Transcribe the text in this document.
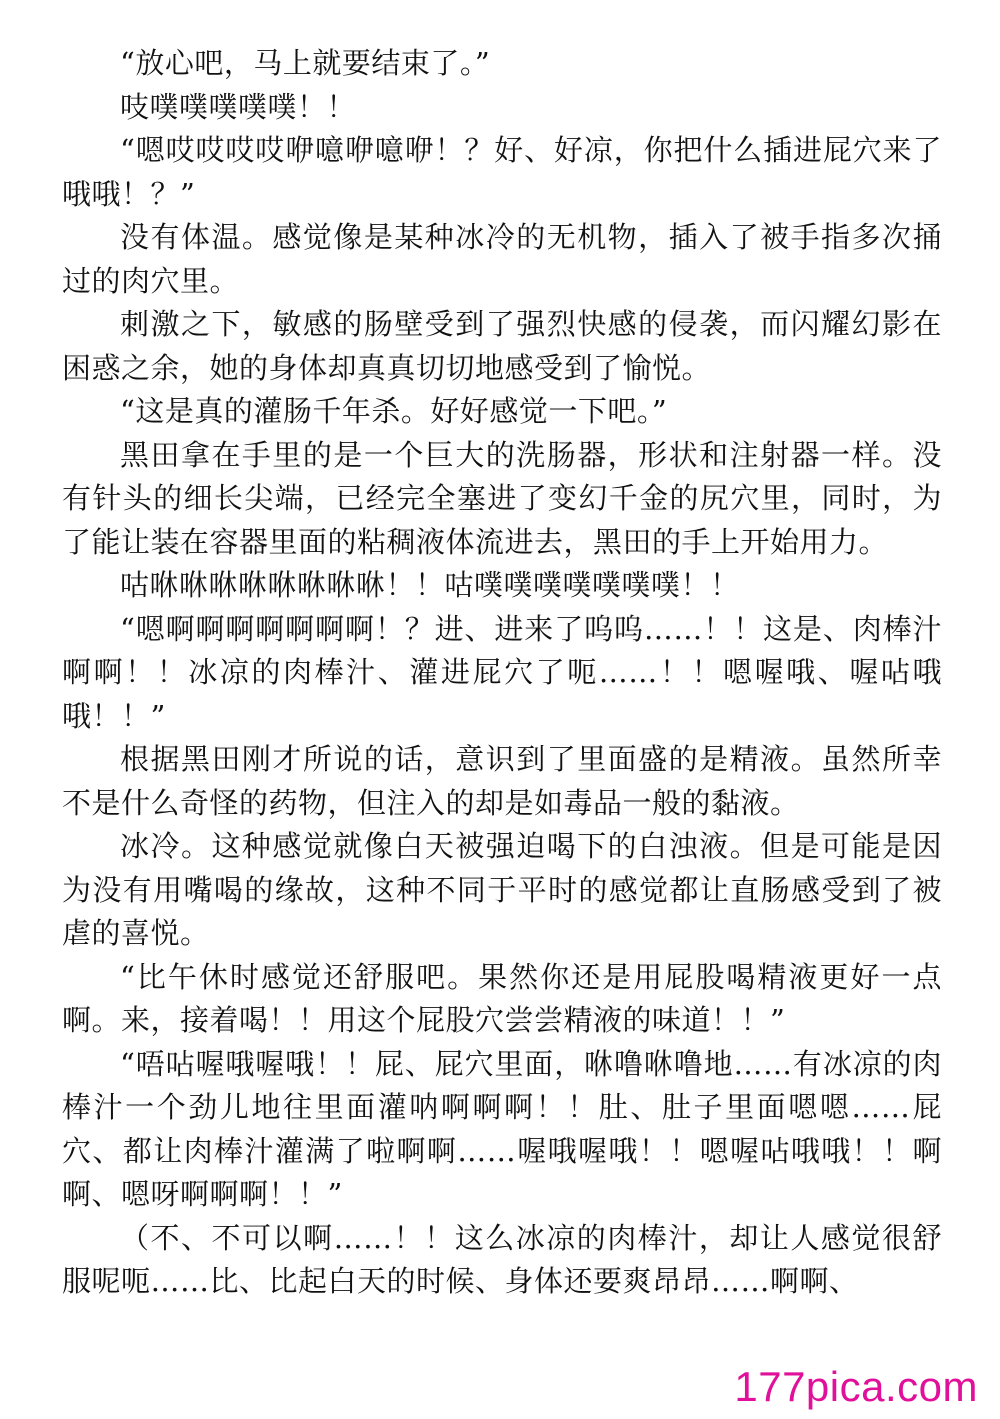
“放心吧，马上就要结束了。”

吱噗噗噗噗噗！！

“嗯哎哎哎哎咿噫咿噫咿！？好、好凉，你把什么插进屁穴来了哦哦！？”

没有体温。感觉像是某种冰冷的无机物，插入了被手指多次捅过的肉穴里。

刺激之下，敏感的肠壁受到了强烈快感的侵袭，而闪耀幻影在困惑之余，她的身体却真真切切地感受到了愉悦。

“这是真的灌肠千年杀。好好感觉一下吧。”

黑田拿在手里的是一个巨大的洗肠器，形状和注射器一样。没有针头的细长尖端，已经完全塞进了变幻千金的尻穴里，同时，为了能让装在容器里面的粘稠液体流进去，黑田的手上开始用力。

咕咻咻咻咻咻咻咻咻！！咕噗噗噗噗噗噗噗！！

“嗯啊啊啊啊啊啊啊！？进、进来了呜呜……！！这是、肉棒汁啊啊！！冰凉的肉棒汁、灌进屁穴了呃……！！嗯喔哦、喔呫哦哦！！”

根据黑田刚才所说的话，意识到了里面盛的是精液。虽然所幸不是什么奇怪的药物，但注入的却是如毒品一般的黏液。

冰冷。这种感觉就像白天被强迫喝下的白浊液。但是可能是因为没有用嘴喝的缘故，这种不同于平时的感觉都让直肠感受到了被虐的喜悦。

“比午休时感觉还舒服吧。果然你还是用屁股喝精液更好一点啊。来，接着喝！！用这个屁股穴尝尝精液的味道！！”

“唔呫喔哦喔哦！！屁、屁穴里面，咻噜咻噜地……有冰凉的肉棒汁一个劲儿地往里面灌呐啊啊啊！！肚、肚子里面嗯嗯……屁穴、都让肉棒汁灌满了啦啊啊……喔哦喔哦！！嗯喔呫哦哦！！啊啊、嗯呀啊啊啊！！”

（不、不可以啊……！！这么冰凉的肉棒汁，却让人感觉很舒服呢呃……比、比起白天的时候、身体还要爽昂昂……啊啊、

177pica.com
